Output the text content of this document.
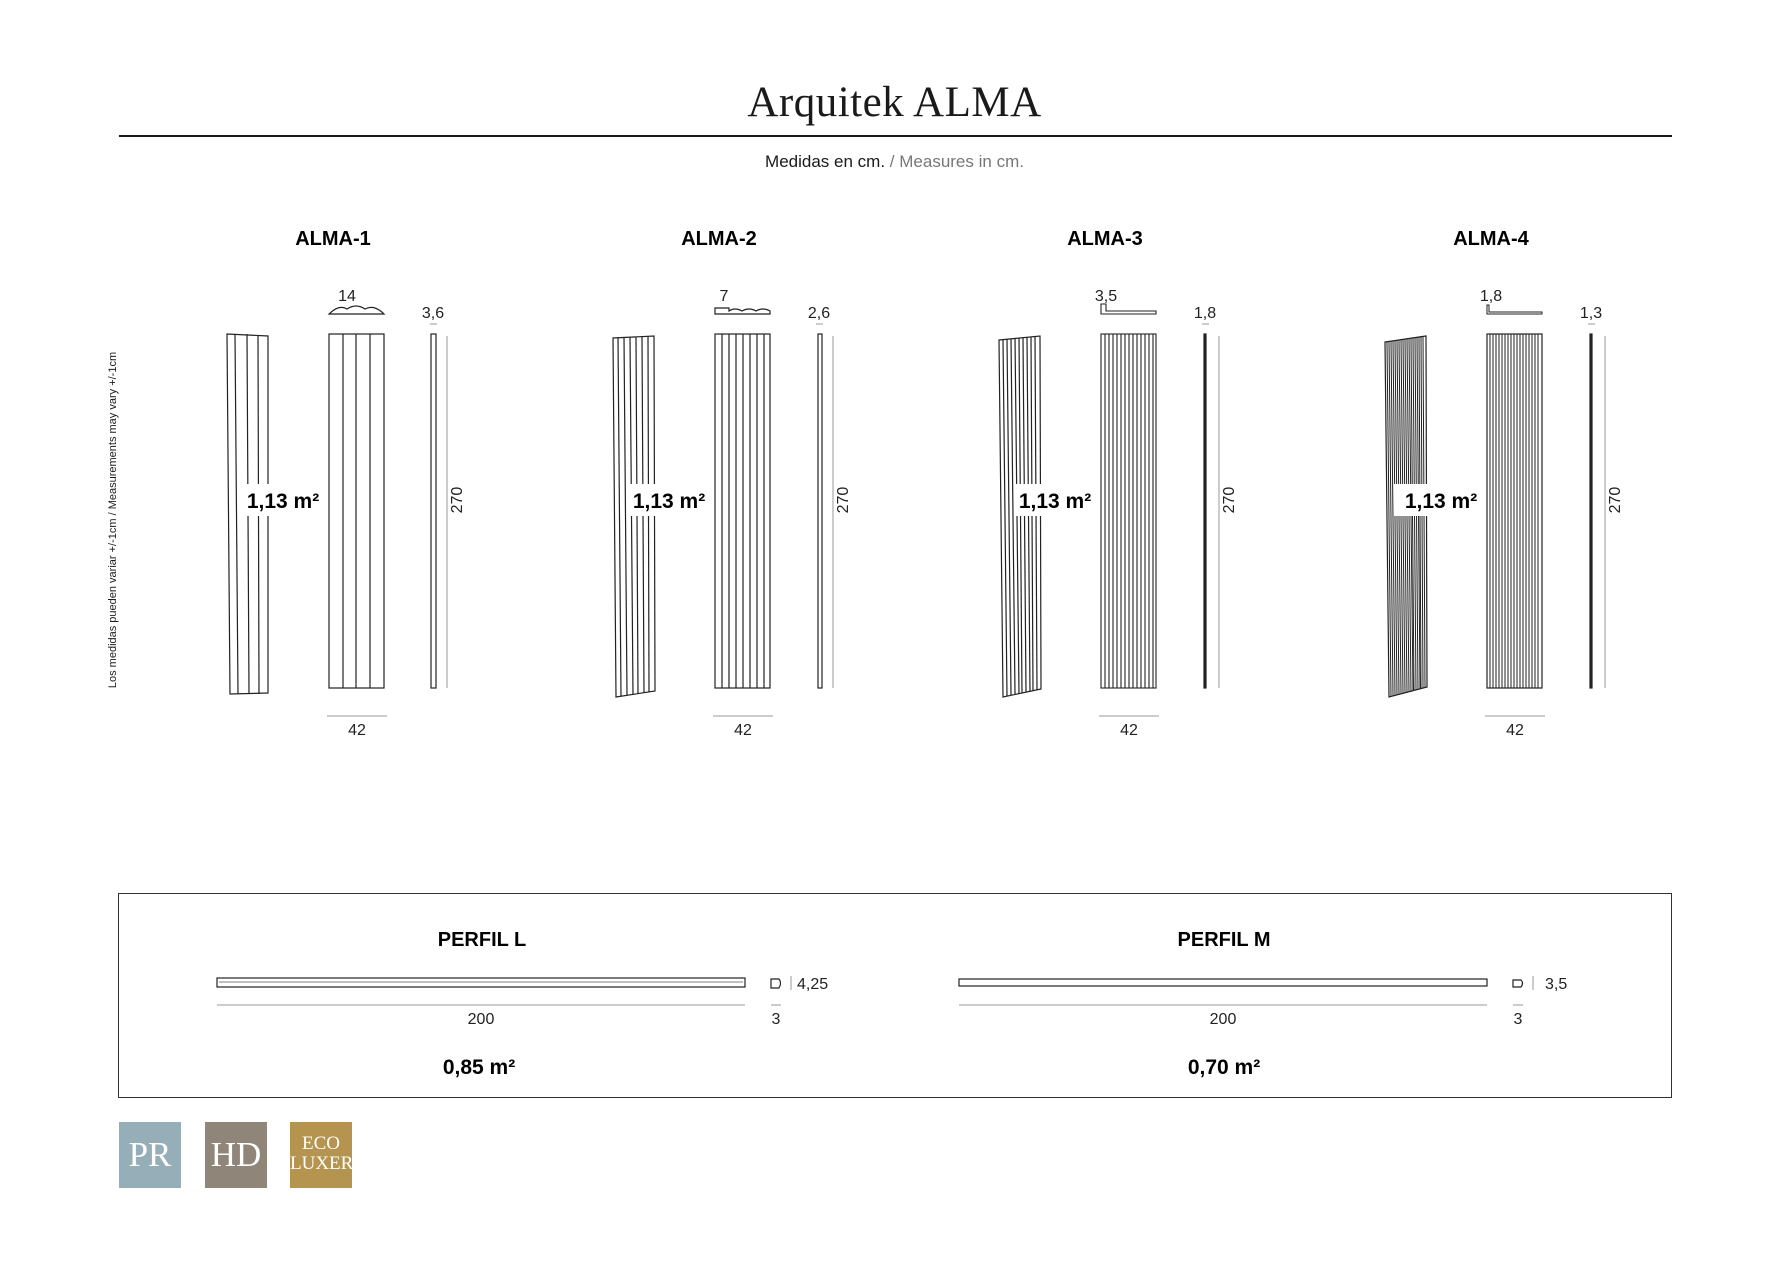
Arquitek ALMA
Medidas en cm. / Measures in cm.
Los medidas pueden variar +/-1cm / Measurements may vary +/-1cm
ALMA-1
14
3,6
270
42
1,13 m²
ALMA-2
7
2,6
270
42
1,13 m²
ALMA-3
3,5
1,8
270
42
1,13 m²
ALMA-4
1,8
1,3
270
42
1,13 m²
PERFIL L
200
4,25
3
0,85 m²
PERFIL M
200
3,5
3
0,70 m²
PR HD	ECO
LUXER
